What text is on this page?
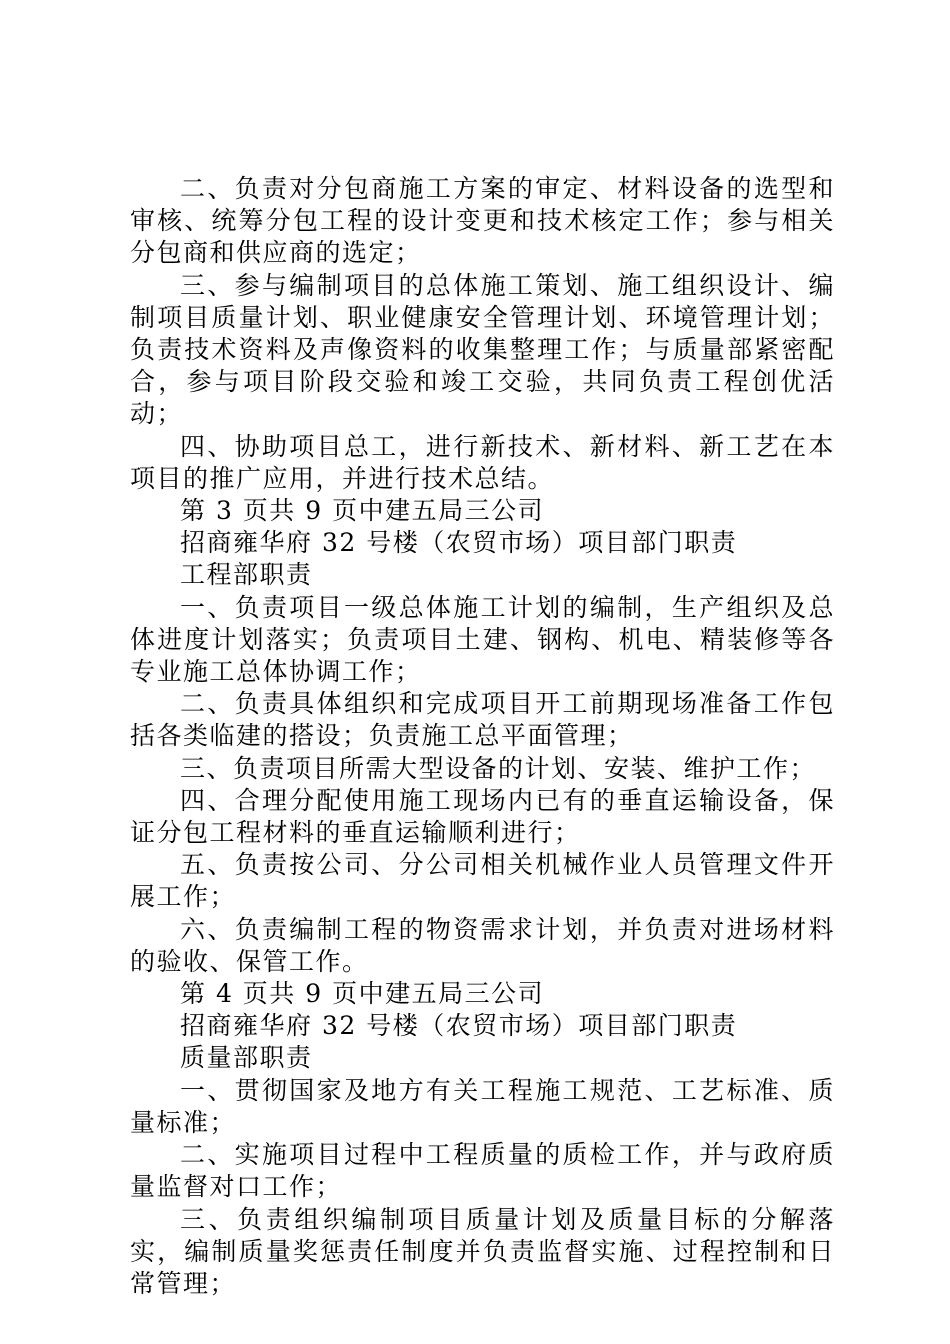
二、负责对分包商施工方案的审定、材料设备的选型和审核、统筹分包工程的设计变更和技术核定工作；参与相关分包商和供应商的选定；

三、参与编制项目的总体施工策划、施工组织设计、编制项目质量计划、职业健康安全管理计划、环境管理计划；负责技术资料及声像资料的收集整理工作；与质量部紧密配合，参与项目阶段交验和竣工交验，共同负责工程创优活动；

四、协助项目总工，进行新技术、新材料、新工艺在本项目的推广应用，并进行技术总结。

第 3 页共 9 页中建五局三公司

招商雍华府 32 号楼（农贸市场）项目部门职责

工程部职责

一、负责项目一级总体施工计划的编制，生产组织及总体进度计划落实；负责项目土建、钢构、机电、精装修等各专业施工总体协调工作；

二、负责具体组织和完成项目开工前期现场准备工作包括各类临建的搭设；负责施工总平面管理；

三、负责项目所需大型设备的计划、安装、维护工作；

四、合理分配使用施工现场内已有的垂直运输设备，保证分包工程材料的垂直运输顺利进行；

五、负责按公司、分公司相关机械作业人员管理文件开展工作；

六、负责编制工程的物资需求计划，并负责对进场材料的验收、保管工作。

第 4 页共 9 页中建五局三公司

招商雍华府 32 号楼（农贸市场）项目部门职责

质量部职责

一、贯彻国家及地方有关工程施工规范、工艺标准、质量标准；

二、实施项目过程中工程质量的质检工作，并与政府质量监督对口工作；

三、负责组织编制项目质量计划及质量目标的分解落实，编制质量奖惩责任制度并负责监督实施、过程控制和日常管理；
